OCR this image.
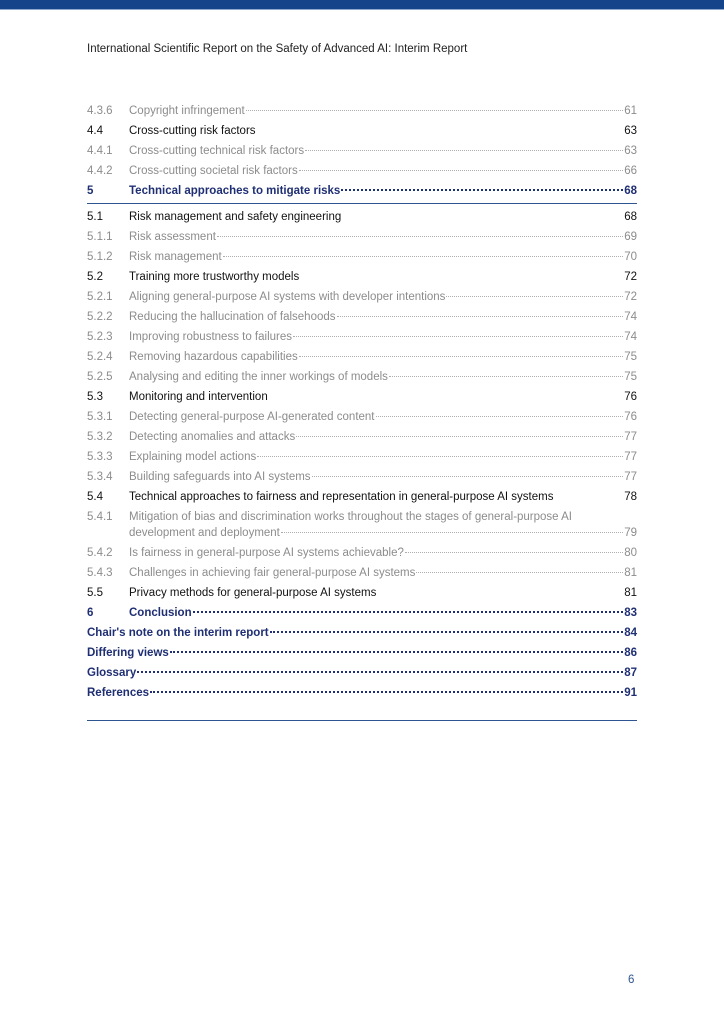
International Scientific Report on the Safety of Advanced AI: Interim Report
4.3.6	Copyright infringement	61
4.4	Cross-cutting risk factors	63
4.4.1	Cross-cutting technical risk factors	63
4.4.2	Cross-cutting societal risk factors	66
5	Technical approaches to mitigate risks	68
5.1	Risk management and safety engineering	68
5.1.1	Risk assessment	69
5.1.2	Risk management	70
5.2	Training more trustworthy models	72
5.2.1	Aligning general-purpose AI systems with developer intentions	72
5.2.2	Reducing the hallucination of falsehoods	74
5.2.3	Improving robustness to failures	74
5.2.4	Removing hazardous capabilities	75
5.2.5	Analysing and editing the inner workings of models	75
5.3	Monitoring and intervention	76
5.3.1	Detecting general-purpose AI-generated content	76
5.3.2	Detecting anomalies and attacks	77
5.3.3	Explaining model actions	77
5.3.4	Building safeguards into AI systems	77
5.4	Technical approaches to fairness and representation in general-purpose AI systems	78
5.4.1	Mitigation of bias and discrimination works throughout the stages of general-purpose AI
development and deployment	79
5.4.2	Is fairness in general-purpose AI systems achievable?	80
5.4.3	Challenges in achieving fair general-purpose AI systems	81
5.5	Privacy methods for general-purpose AI systems	81
6	Conclusion	83
Chair's note on the interim report	84
Differing views	86
Glossary	87
References	91
6
